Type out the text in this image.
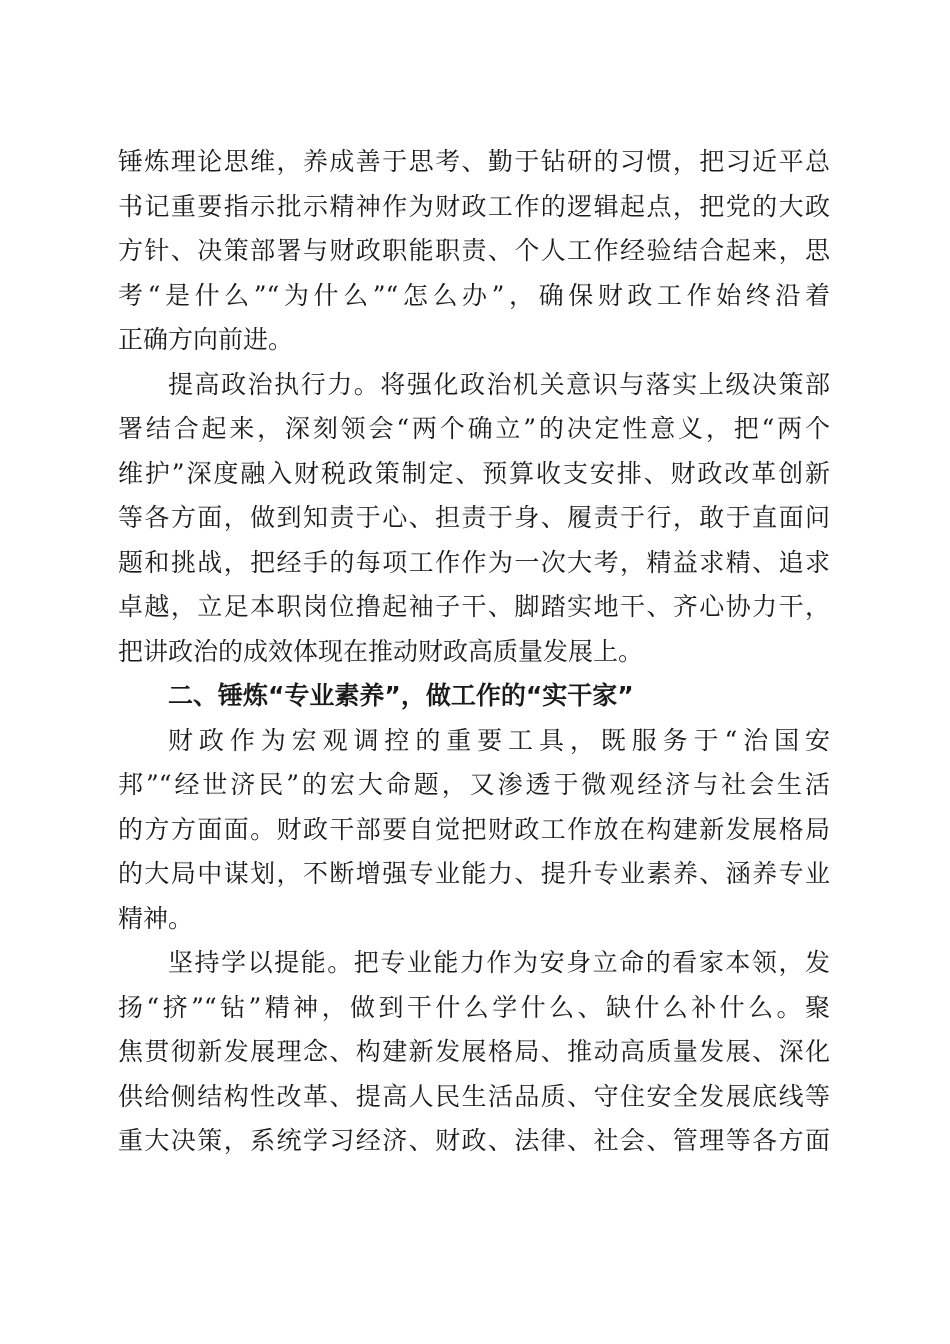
锤炼理论思维，养成善于思考、勤于钻研的习惯，把习近平总
书记重要指示批示精神作为财政工作的逻辑起点，把党的大政
方针、决策部署与财政职能职责、个人工作经验结合起来，思
考“是什么”“为什么”“怎么办”，确保财政工作始终沿着
正确方向前进。
提高政治执行力。将强化政治机关意识与落实上级决策部
署结合起来，深刻领会“两个确立”的决定性意义，把“两个
维护”深度融入财税政策制定、预算收支安排、财政改革创新
等各方面，做到知责于心、担责于身、履责于行，敢于直面问
题和挑战，把经手的每项工作作为一次大考，精益求精、追求
卓越，立足本职岗位撸起袖子干、脚踏实地干、齐心协力干，
把讲政治的成效体现在推动财政高质量发展上。
二、锤炼“专业素养”，做工作的“实干家”
财政作为宏观调控的重要工具，既服务于“治国安
邦”“经世济民”的宏大命题，又渗透于微观经济与社会生活
的方方面面。财政干部要自觉把财政工作放在构建新发展格局
的大局中谋划，不断增强专业能力、提升专业素养、涵养专业
精神。
坚持学以提能。把专业能力作为安身立命的看家本领，发
扬“挤”“钻”精神，做到干什么学什么、缺什么补什么。聚
焦贯彻新发展理念、构建新发展格局、推动高质量发展、深化
供给侧结构性改革、提高人民生活品质、守住安全发展底线等
重大决策，系统学习经济、财政、法律、社会、管理等各方面
